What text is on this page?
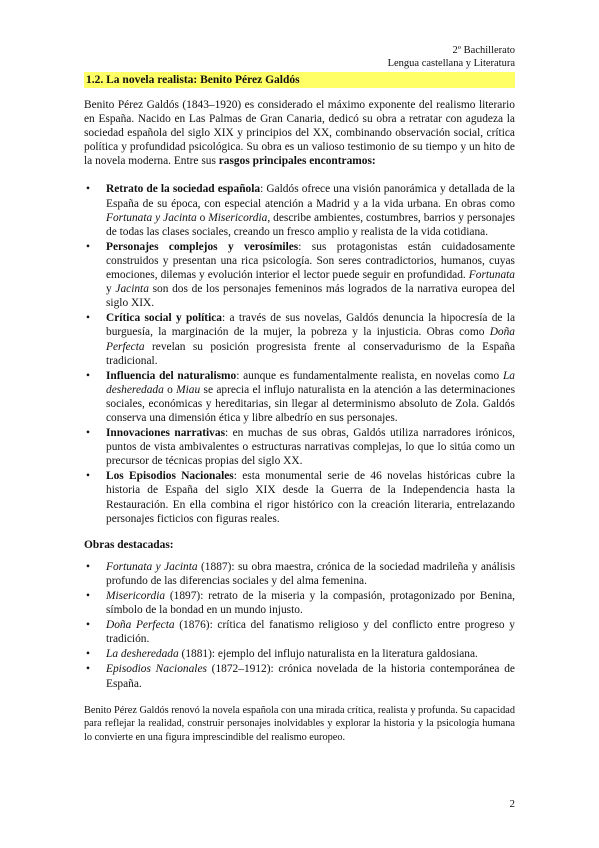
2º Bachillerato
Lengua castellana y Literatura
1.2. La novela realista: Benito Pérez Galdós

Benito Pérez Galdós (1843–1920) es considerado el máximo exponente del realismo literario en España. Nacido en Las Palmas de Gran Canaria, dedicó su obra a retratar con agudeza la sociedad española del siglo XIX y principios del XX, combinando observación social, crítica política y profundidad psicológica. Su obra es un valioso testimonio de su tiempo y un hito de la novela moderna. Entre sus rasgos principales encontramos:

• Retrato de la sociedad española: Galdós ofrece una visión panorámica y detallada de la España de su época, con especial atención a Madrid y a la vida urbana. En obras como Fortunata y Jacinta o Misericordia, describe ambientes, costumbres, barrios y personajes de todas las clases sociales, creando un fresco amplio y realista de la vida cotidiana.
• Personajes complejos y verosímiles: sus protagonistas están cuidadosamente construidos y presentan una rica psicología. Son seres contradictorios, humanos, cuyas emociones, dilemas y evolución interior el lector puede seguir en profundidad. Fortunata y Jacinta son dos de los personajes femeninos más logrados de la narrativa europea del siglo XIX.
• Crítica social y política: a través de sus novelas, Galdós denuncia la hipocresía de la burguesía, la marginación de la mujer, la pobreza y la injusticia. Obras como Doña Perfecta revelan su posición progresista frente al conservadurismo de la España tradicional.
• Influencia del naturalismo: aunque es fundamentalmente realista, en novelas como La desheredada o Miau se aprecia el influjo naturalista en la atención a las determinaciones sociales, económicas y hereditarias, sin llegar al determinismo absoluto de Zola. Galdós conserva una dimensión ética y libre albedrío en sus personajes.
• Innovaciones narrativas: en muchas de sus obras, Galdós utiliza narradores irónicos, puntos de vista ambivalentes o estructuras narrativas complejas, lo que lo sitúa como un precursor de técnicas propias del siglo XX.
• Los Episodios Nacionales: esta monumental serie de 46 novelas históricas cubre la historia de España del siglo XIX desde la Guerra de la Independencia hasta la Restauración. En ella combina el rigor histórico con la creación literaria, entrelazando personajes ficticios con figuras reales.

Obras destacadas:

• Fortunata y Jacinta (1887): su obra maestra, crónica de la sociedad madrileña y análisis profundo de las diferencias sociales y del alma femenina.
• Misericordia (1897): retrato de la miseria y la compasión, protagonizado por Benina, símbolo de la bondad en un mundo injusto.
• Doña Perfecta (1876): crítica del fanatismo religioso y del conflicto entre progreso y tradición.
• La desheredada (1881): ejemplo del influjo naturalista en la literatura galdosiana.
• Episodios Nacionales (1872–1912): crónica novelada de la historia contemporánea de España.

Benito Pérez Galdós renovó la novela española con una mirada crítica, realista y profunda. Su capacidad para reflejar la realidad, construir personajes inolvidables y explorar la historia y la psicología humana lo convierte en una figura imprescindible del realismo europeo.

2
